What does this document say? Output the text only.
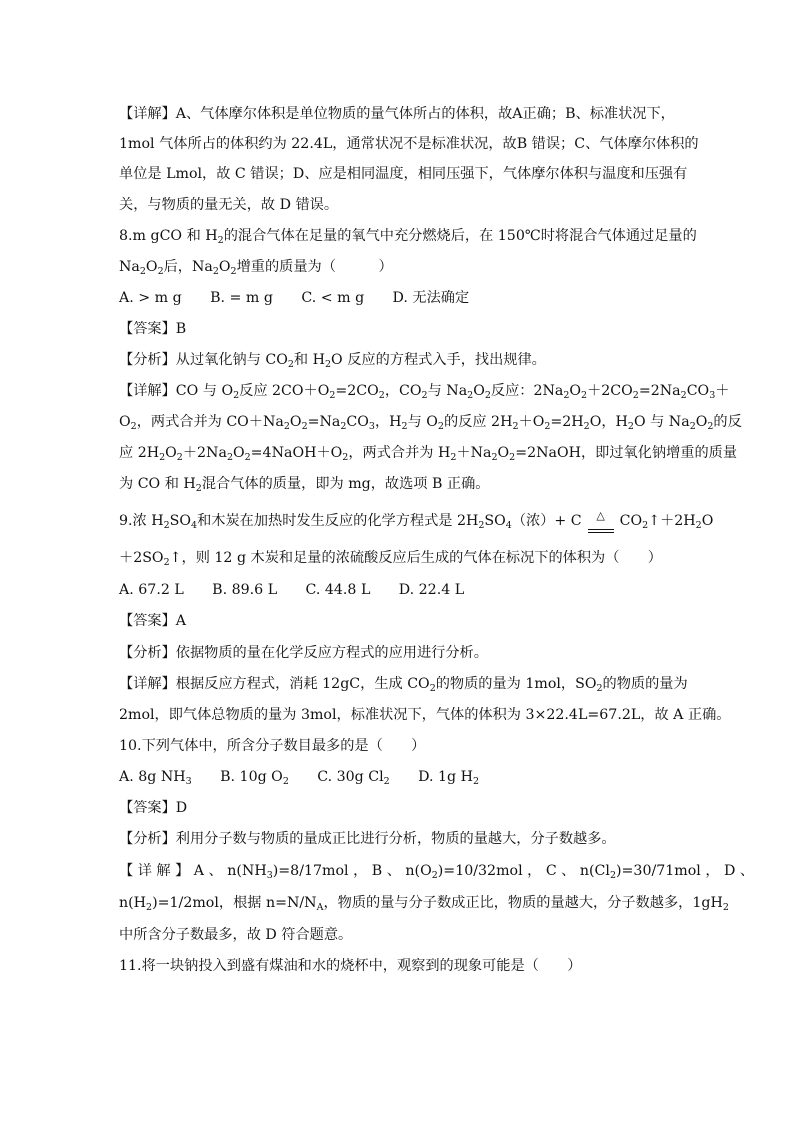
【详解】A、气体摩尔体积是单位物质的量气体所占的体积，故A正确；B、标准状况下，
1mol 气体所占的体积约为 22.4L，通常状况不是标准状况，故B 错误；C、气体摩尔体积的
单位是 Lmol，故 C 错误；D、应是相同温度，相同压强下，气体摩尔体积与温度和压强有
关，与物质的量无关，故 D 错误。
8.m gCO 和 $H_2$的混合气体在足量的氧气中充分燃烧后，在 150℃时将混合气体通过足量的
$Na_2O_2$后，$Na_2O_2$增重的质量为（　　　）
A. > m g　　B. = m g　　C. < m g　　D. 无法确定
【答案】B
【分析】从过氧化钠与 $CO_2$和 $H_2O$ 反应的方程式入手，找出规律。
【详解】CO 与 $O_2$反应 $2CO+O_2=2CO_2$，$CO_2$与 $Na_2O_2$反应：$2Na_2O_2+2CO_2=2Na_2CO_3+$
$O_2$，两式合并为 $CO+Na_2O_2=Na_2CO_3$，$H_2$与 $O_2$的反应 $2H_2+O_2=2H_2O$，$H_2O$ 与 $Na_2O_2$的反
应 $2H_2O_2+2Na_2O_2=4NaOH+O_2$，两式合并为 $H_2+Na_2O_2=2NaOH$，即过氧化钠增重的质量
为 CO 和 $H_2$混合气体的质量，即为 mg，故选项 B 正确。
9.浓 $H_2SO_4$和木炭在加热时发生反应的化学方程式是 $2H_2SO_4$（浓）+ C	△	$CO_2↑+2H_2O$
$+2SO_2↑$，则 12 g 木炭和足量的浓硫酸反应后生成的气体在标况下的体积为（　　）
A. 67.2 L　　B. 89.6 L　　C. 44.8 L　　D. 22.4 L
【答案】A
【分析】依据物质的量在化学反应方程式的应用进行分析。
【详解】根据反应方程式，消耗 12gC，生成 $CO_2$的物质的量为 1mol，$SO_2$的物质的量为
2mol，即气体总物质的量为 3mol，标准状况下，气体的体积为 3×22.4L=67.2L，故 A 正确。
10.下列气体中，所含分子数目最多的是（　　）
A. 8g $NH_3$　　B. 10g $O_2$　　C. 30g $Cl_2$　　D. 1g $H_2$
【答案】D
【分析】利用分子数与物质的量成正比进行分析，物质的量越大，分子数越多。
【 详 解 】 A 、 $n(NH_3)=8/17mol$ ， B 、 $n(O_2)=10/32mol$ ， C 、 $n(Cl_2)=30/71mol$ ， D 、
$n(H_2)=1/2mol$，根据 $n=N/N_A$，物质的量与分子数成正比，物质的量越大，分子数越多，$1gH_2$
中所含分子数最多，故 D 符合题意。
11.将一块钠投入到盛有煤油和水的烧杯中，观察到的现象可能是（　　）
